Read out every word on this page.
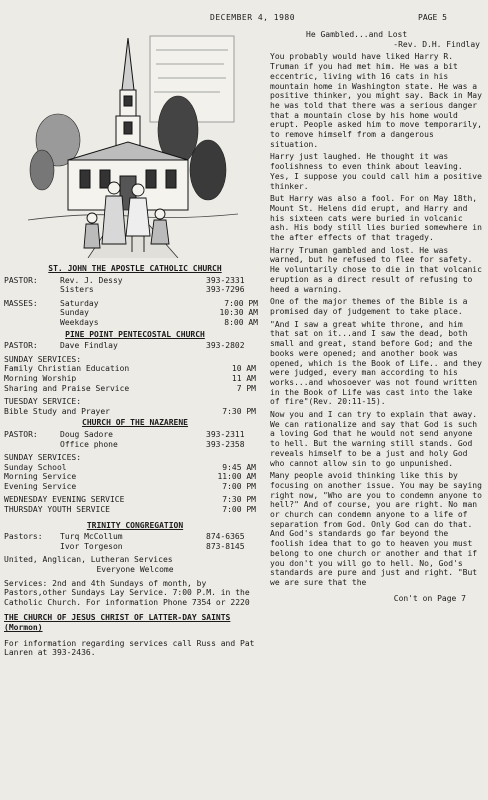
DECEMBER 4, 1980	PAGE 5
ST. JOHN THE APOSTLE CATHOLIC CHURCH
PASTOR:	Rev. J. Dessy	393-2331
Sisters	393-7296
MASSES:	Saturday	7:00 PM
Sunday	10:30 AM
Weekdays	8:00 AM
PINE POINT PENTECOSTAL CHURCH
PASTOR:	Dave Findlay	393-2802
SUNDAY SERVICES:
Family Christian Education	10 AM
Morning Worship	11 AM
Sharing and Praise Service	7 PM
TUESDAY SERVICE:
Bible Study and Prayer	7:30 PM
CHURCH OF THE NAZARENE
PASTOR:	Doug Sadore	393-2311
Office phone	393-2358
SUNDAY SERVICES:
Sunday School	9:45 AM
Morning Service	11:00 AM
Evening Service	7:00 PM
WEDNESDAY EVENING SERVICE	7:30 PM
THURSDAY YOUTH SERVICE	7:00 PM
TRINITY CONGREGATION
Pastors:	Turq McCollum	874-6365
Ivor Torgeson	873-8145
United, Anglican, Lutheran Services
Everyone Welcome
Services: 2nd and 4th Sundays of month, by Pastors,other Sundays Lay Service. 7:00 P.M. in the Catholic Church. For information Phone 7354 or 2220
THE CHURCH OF JESUS CHRIST OF LATTER-DAY SAINTS (Mormon)
For information regarding services call Russ and Pat Lanren at 393-2436.
He Gambled...and Lost
-Rev. D.H. Findlay

You probably would have liked Harry R. Truman if you had met him. He was a bit eccentric, living with 16 cats in his mountain home in Washington state. He was a positive thinker, you might say. Back in May he was told that there was a serious danger that a mountain close by his home would erupt. People asked him to move temporarily, to remove himself from a dangerous situation.

Harry just laughed. He thought it was foolishness to even think about leaving. Yes, I suppose you could call him a positive thinker.

But Harry was also a fool. For on May 18th, Mount St. Helens did erupt, and Harry and his sixteen cats were buried in volcanic ash. His body still lies buried somewhere in the after effects of that tragedy.

Harry Truman gambled and lost. He was warned, but he refused to flee for safety. He voluntarily chose to die in that volcanic eruption as a direct result of refusing to heed a warning.

One of the major themes of the Bible is a promised day of judgement to take place.

"And I saw a great white throne, and him that sat on it...and I saw the dead, both small and great, stand before God; and the books were opened; and another book was opened, which is the Book of Life.. and they were judged, every man according to his works...and whosoever was not found written in the Book of Life was cast into the lake of fire"(Rev. 20:11-15).

Now you and I can try to explain that away. We can rationalize and say that God is such a loving God that he would not send anyone to hell. But the warning still stands. God reveals himself to be a just and holy God who cannot allow sin to go unpunished.

Many people avoid thinking like this by focusing on another issue. You may be saying right now, "Who are you to condemn anyone to hell?" And of course, you are right. No man or church can condemn anyone to a life of separation from God. Only God can do that. And God's standards go far beyond the foolish idea that to go to heaven you must belong to one church or another and that if you don't you will go to hell. No, God's standards are pure and just and right. "But we are sure that the

Con't on Page 7
